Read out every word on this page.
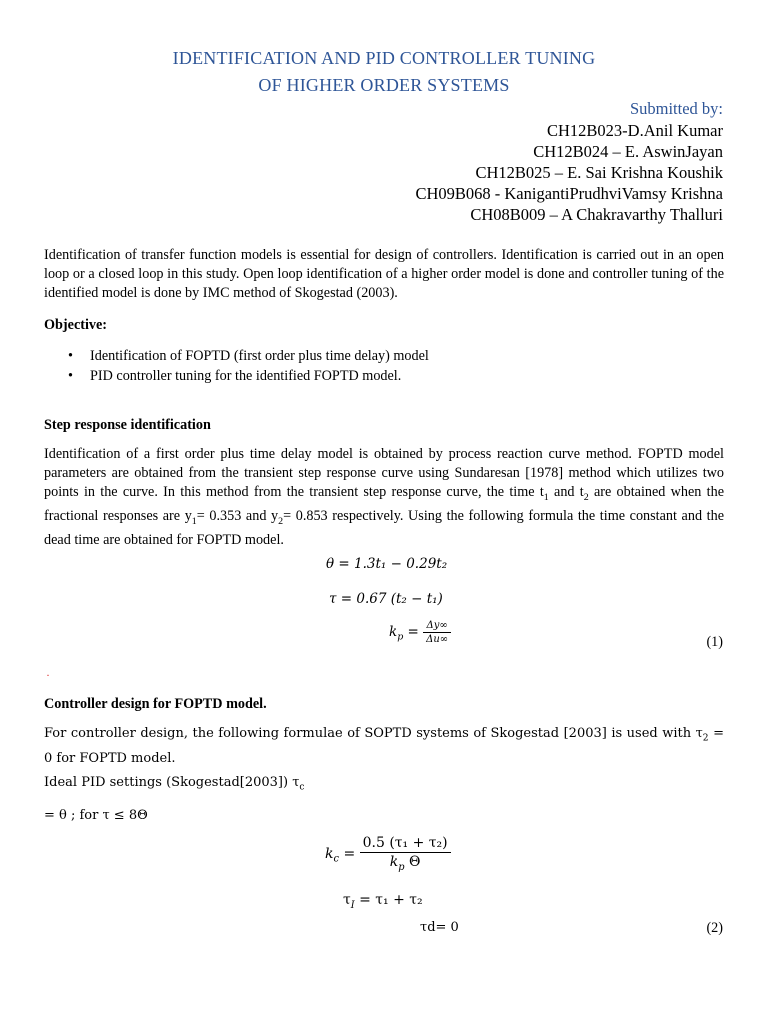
IDENTIFICATION AND PID CONTROLLER TUNING
OF HIGHER ORDER SYSTEMS
Submitted by:
CH12B023-D.Anil Kumar
CH12B024 – E. AswinJayan
CH12B025 – E. Sai Krishna Koushik
CH09B068 - KanigantiPrudhviVamsy Krishna
CH08B009 – A Chakravarthy Thalluri

Identification of transfer function models is essential for design of controllers. Identification is carried out in an open loop or a closed loop in this study. Open loop identification of a higher order model is done and controller tuning of the identified model is done by IMC method of Skogestad (2003).

Objective:
• Identification of FOPTD (first order plus time delay) model
• PID controller tuning for the identified FOPTD model.
Step response identification

Identification of a first order plus time delay model is obtained by process reaction curve method. FOPTD model parameters are obtained from the transient step response curve using Sundaresan [1978] method which utilizes two points in the curve. In this method from the transient step response curve, the time $t_1$ and $t_2$ are obtained when the fractional responses are $y_1= 0.353$ and $y_2= 0.853$ respectively. Using the following formula the time constant and the dead time are obtained for FOPTD model.

θ = 1.3t₁ − 0.29t₂
τ = 0.67 (t₂ − t₁)
$k_p = \frac{\Delta y\infty}{\Delta u\infty}$	(1)
·
Controller design for FOPTD model.

For controller design, the following formulae of SOPTD systems of Skogestad [2003] is used with $\tau_2 = 0$ for FOPTD model.

Ideal PID settings (Skogestad[2003]) $\tau_c$
= θ ; for τ ≤ 8Θ
$k_c = \frac{\text{0.5 (τ₁ + τ₂)}}{k_p \Theta}$
$\tau_I = \tau_1 + \tau_2$
τd= 0	(2)
